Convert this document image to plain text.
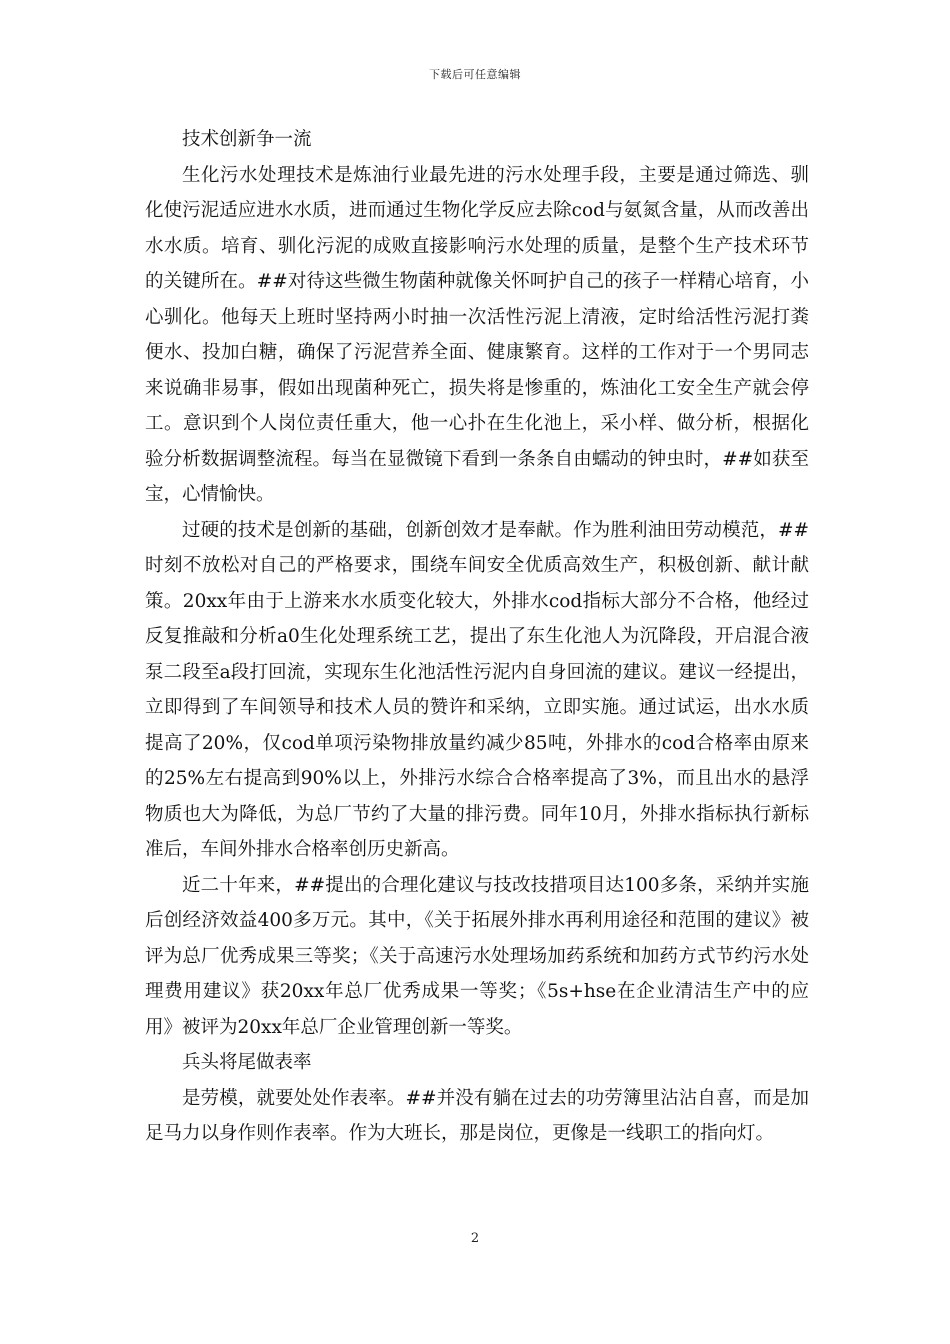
下载后可任意编辑

技术创新争一流

生化污水处理技术是炼油行业最先进的污水处理手段，主要是通过筛选、驯化使污泥适应进水水质，进而通过生物化学反应去除cod与氨氮含量，从而改善出水水质。培育、驯化污泥的成败直接影响污水处理的质量，是整个生产技术环节的关键所在。##对待这些微生物菌种就像关怀呵护自己的孩子一样精心培育，小心驯化。他每天上班时坚持两小时抽一次活性污泥上清液，定时给活性污泥打粪便水、投加白糖，确保了污泥营养全面、健康繁育。这样的工作对于一个男同志来说确非易事，假如出现菌种死亡，损失将是惨重的，炼油化工安全生产就会停工。意识到个人岗位责任重大，他一心扑在生化池上，采小样、做分析，根据化验分析数据调整流程。每当在显微镜下看到一条条自由蠕动的钟虫时，##如获至宝，心情愉快。

过硬的技术是创新的基础，创新创效才是奉献。作为胜利油田劳动模范，##时刻不放松对自己的严格要求，围绕车间安全优质高效生产，积极创新、献计献策。20xx年由于上游来水水质变化较大，外排水cod指标大部分不合格，他经过反复推敲和分析a0生化处理系统工艺，提出了东生化池人为沉降段，开启混合液泵二段至a段打回流，实现东生化池活性污泥内自身回流的建议。建议一经提出，立即得到了车间领导和技术人员的赞许和采纳，立即实施。通过试运，出水水质提高了20%，仅cod单项污染物排放量约减少85吨，外排水的cod合格率由原来的25%左右提高到90%以上，外排污水综合合格率提高了3%，而且出水的悬浮物质也大为降低，为总厂节约了大量的排污费。同年10月，外排水指标执行新标准后，车间外排水合格率创历史新高。

近二十年来，##提出的合理化建议与技改技措项目达100多条，采纳并实施后创经济效益400多万元。其中，《关于拓展外排水再利用途径和范围的建议》被评为总厂优秀成果三等奖；《关于高速污水处理场加药系统和加药方式节约污水处理费用建议》获20xx年总厂优秀成果一等奖；《5s+hse在企业清洁生产中的应用》被评为20xx年总厂企业管理创新一等奖。

兵头将尾做表率

是劳模，就要处处作表率。##并没有躺在过去的功劳簿里沾沾自喜，而是加足马力以身作则作表率。作为大班长，那是岗位，更像是一线职工的指向灯。

2
